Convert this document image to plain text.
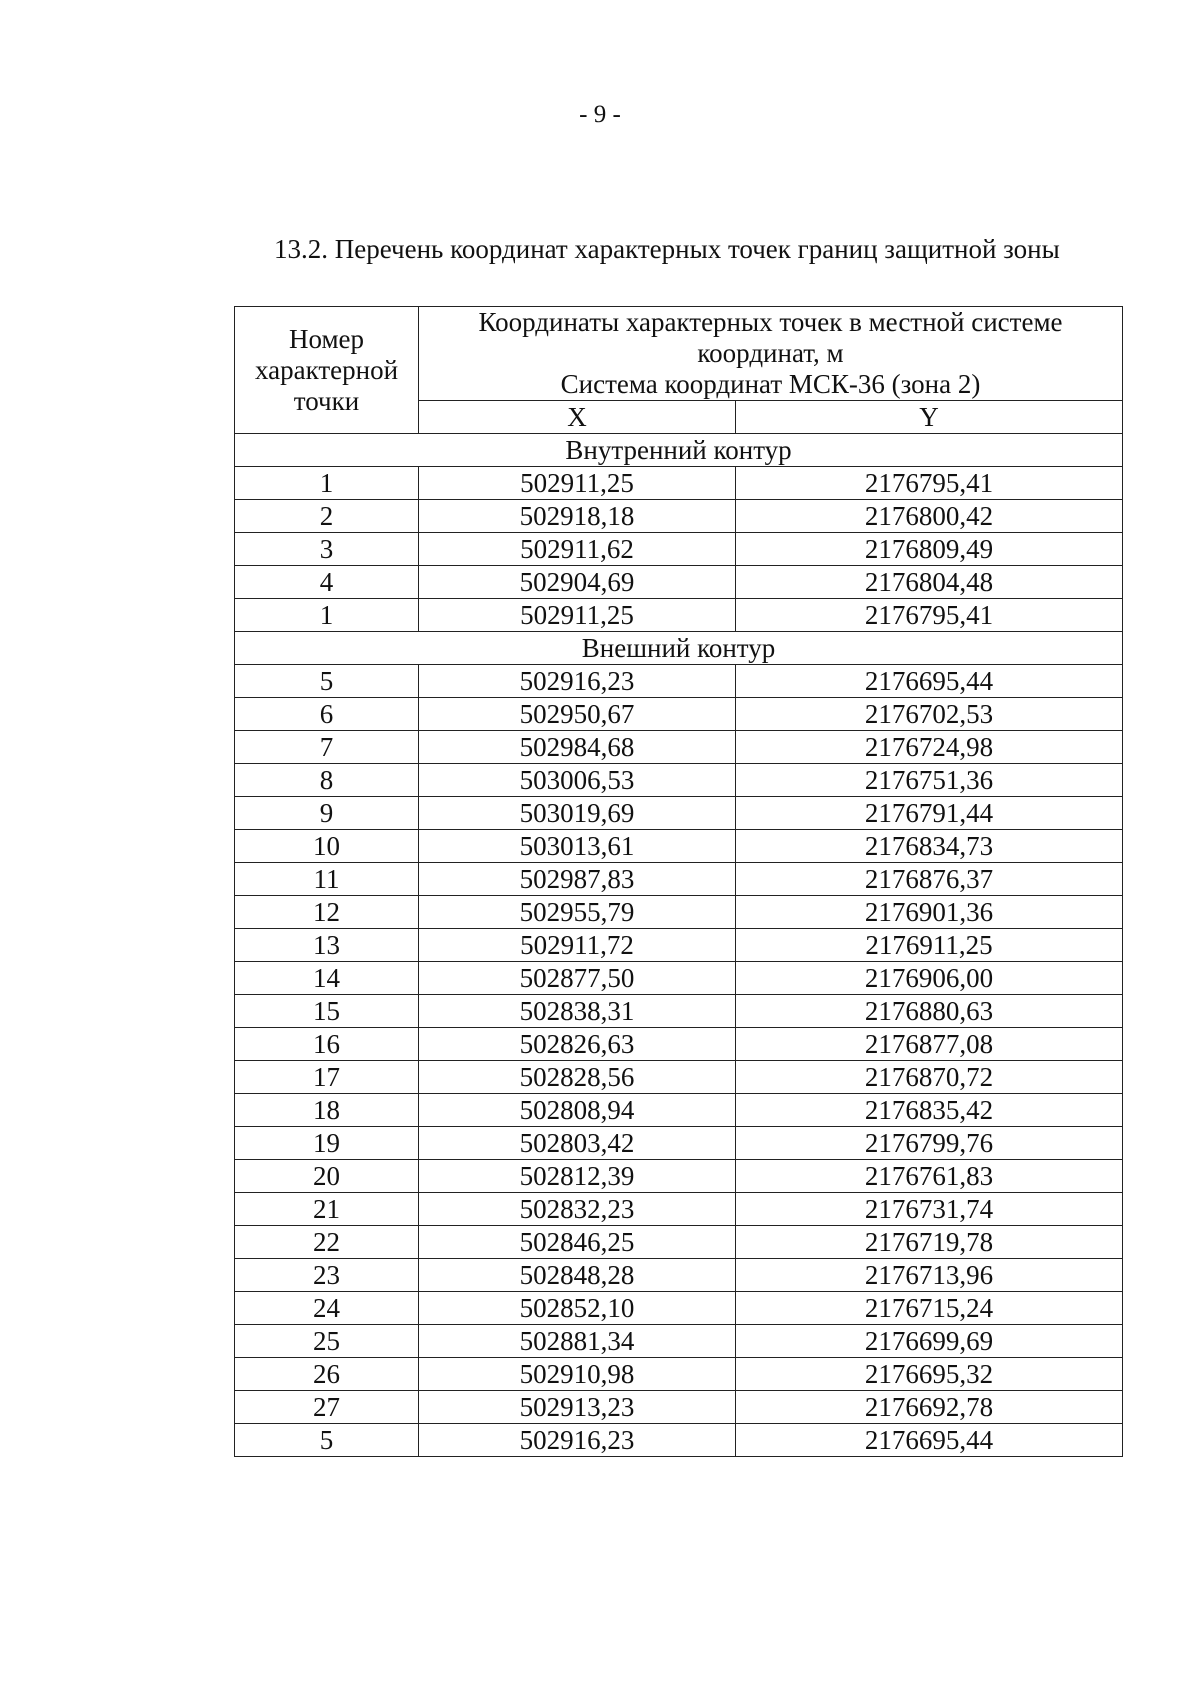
- 9 -
13.2. Перечень координат характерных точек границ защитной зоны
Номер
характерной
точки	Координаты характерных точек в местной системе
координат, м
Система координат МСК-36 (зона 2)	

	X	Y
Внутренний контур		
1	502911,25	2176795,41
2	502918,18	2176800,42
3	502911,62	2176809,49
4	502904,69	2176804,48
1	502911,25	2176795,41
Внешний контур		
5	502916,23	2176695,44
6	502950,67	2176702,53
7	502984,68	2176724,98
8	503006,53	2176751,36
9	503019,69	2176791,44
10	503013,61	2176834,73
11	502987,83	2176876,37
12	502955,79	2176901,36
13	502911,72	2176911,25
14	502877,50	2176906,00
15	502838,31	2176880,63
16	502826,63	2176877,08
17	502828,56	2176870,72
18	502808,94	2176835,42
19	502803,42	2176799,76
20	502812,39	2176761,83
21	502832,23	2176731,74
22	502846,25	2176719,78
23	502848,28	2176713,96
24	502852,10	2176715,24
25	502881,34	2176699,69
26	502910,98	2176695,32
27	502913,23	2176692,78
5	502916,23	2176695,44
